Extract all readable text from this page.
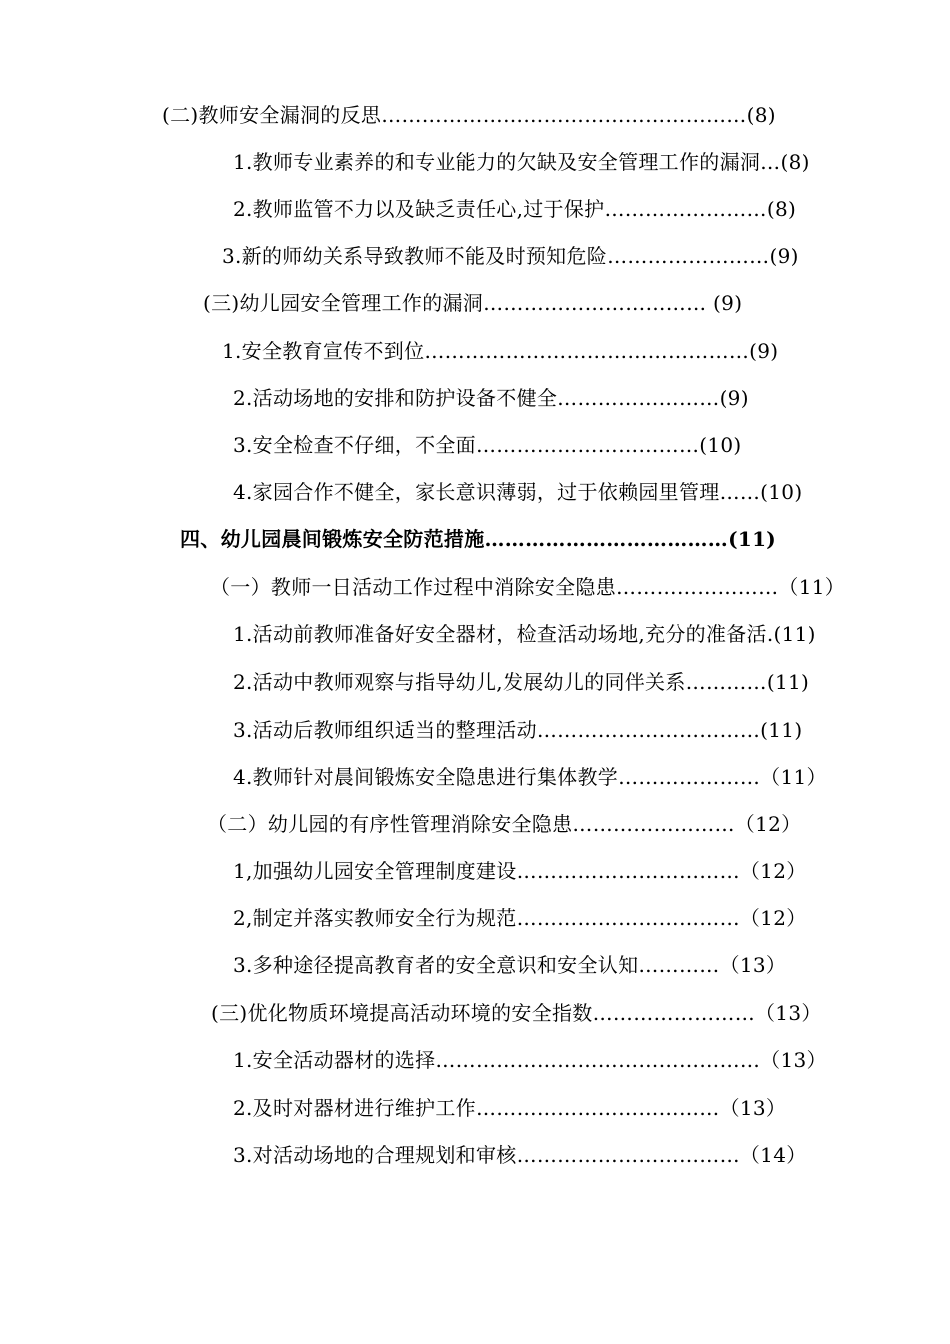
(二)教师安全漏洞的反思………………………………………………(8)
1.教师专业素养的和专业能力的欠缺及安全管理工作的漏洞…(8)
2.教师监管不力以及缺乏责任心,过于保护……………………(8)
3.新的师幼关系导致教师不能及时预知危险……………………(9)
(三)幼儿园安全管理工作的漏洞…………………………… (9)
1.安全教育宣传不到位…………………………………………(9)
2.活动场地的安排和防护设备不健全……………………(9)
3.安全检查不仔细，不全面……………………………(10)
4.家园合作不健全，家长意识薄弱，过于依赖园里管理……(10)
四、幼儿园晨间锻炼安全防范措施………………………………(11)
（一）教师一日活动工作过程中消除安全隐患……………………（11）
1.活动前教师准备好安全器材，检查活动场地,充分的准备活.(11)
2.活动中教师观察与指导幼儿,发展幼儿的同伴关系…………(11)
3.活动后教师组织适当的整理活动……………………………(11)
4.教师针对晨间锻炼安全隐患进行集体教学…………………（11）
（二）幼儿园的有序性管理消除安全隐患……………………（12）
1,加强幼儿园安全管理制度建设……………………………（12）
2,制定并落实教师安全行为规范……………………………（12）
3.多种途径提高教育者的安全意识和安全认知…………（13）
(三)优化物质环境提高活动环境的安全指数……………………（13）
1.安全活动器材的选择…………………………………………（13）
2.及时对器材进行维护工作………………………………（13）
3.对活动场地的合理规划和审核……………………………（14）
